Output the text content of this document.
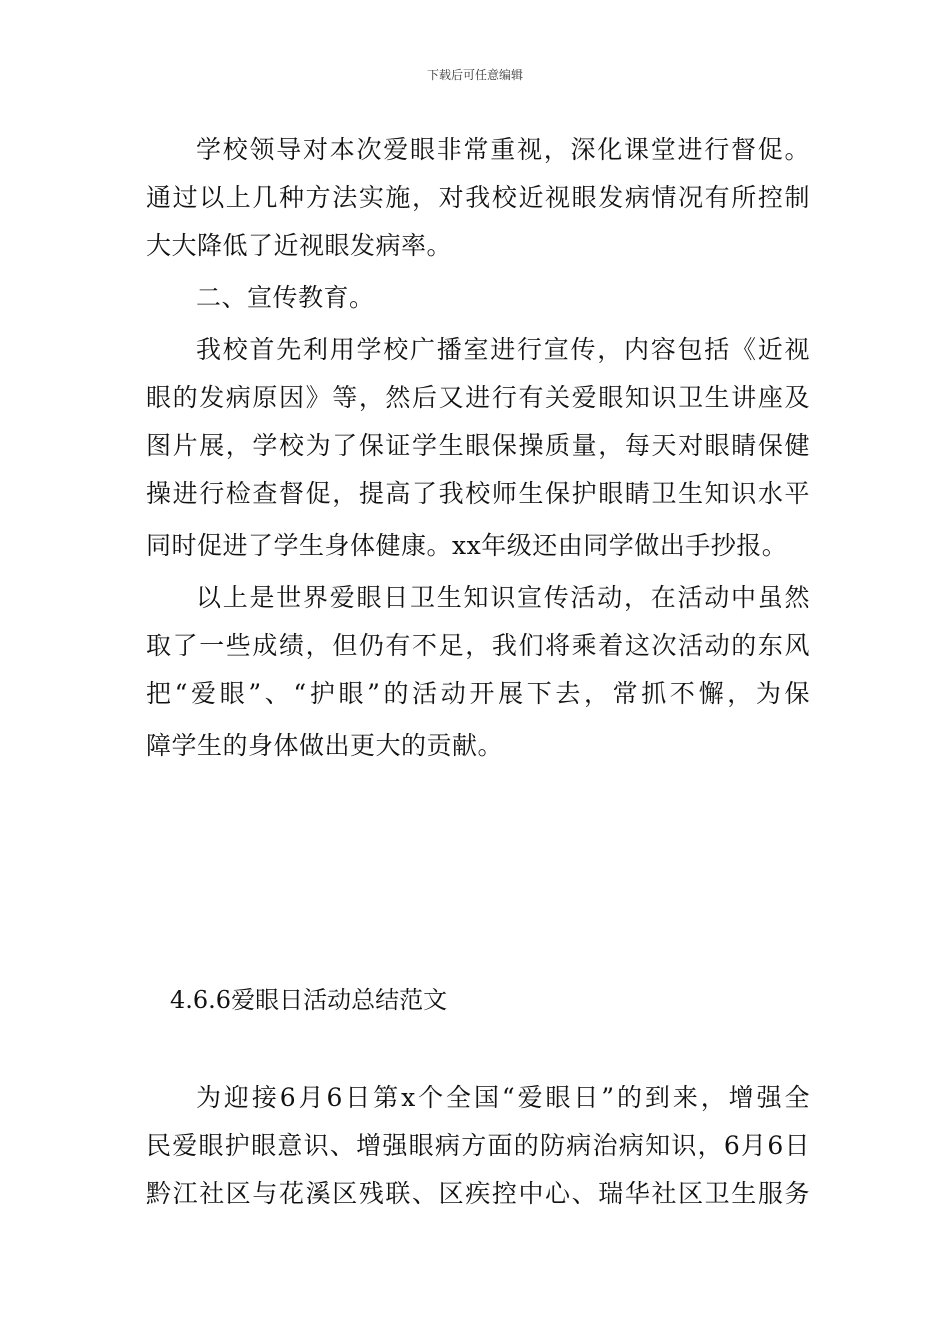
下载后可任意编辑
学校领导对本次爱眼非常重视，深化课堂进行督促。
通过以上几种方法实施，对我校近视眼发病情况有所控制
大大降低了近视眼发病率。
二、宣传教育。
我校首先利用学校广播室进行宣传，内容包括《近视
眼的发病原因》等，然后又进行有关爱眼知识卫生讲座及
图片展，学校为了保证学生眼保操质量，每天对眼睛保健
操进行检查督促，提高了我校师生保护眼睛卫生知识水平
同时促进了学生身体健康。xx年级还由同学做出手抄报。
以上是世界爱眼日卫生知识宣传活动，在活动中虽然
取了一些成绩，但仍有不足，我们将乘着这次活动的东风
把“爱眼”、“护眼”的活动开展下去，常抓不懈，为保
障学生的身体做出更大的贡献。
4.6.6爱眼日活动总结范文
为迎接6月6日第x个全国“爱眼日”的到来，增强全
民爱眼护眼意识、增强眼病方面的防病治病知识，6月6日
黔江社区与花溪区残联、区疾控中心、瑞华社区卫生服务
